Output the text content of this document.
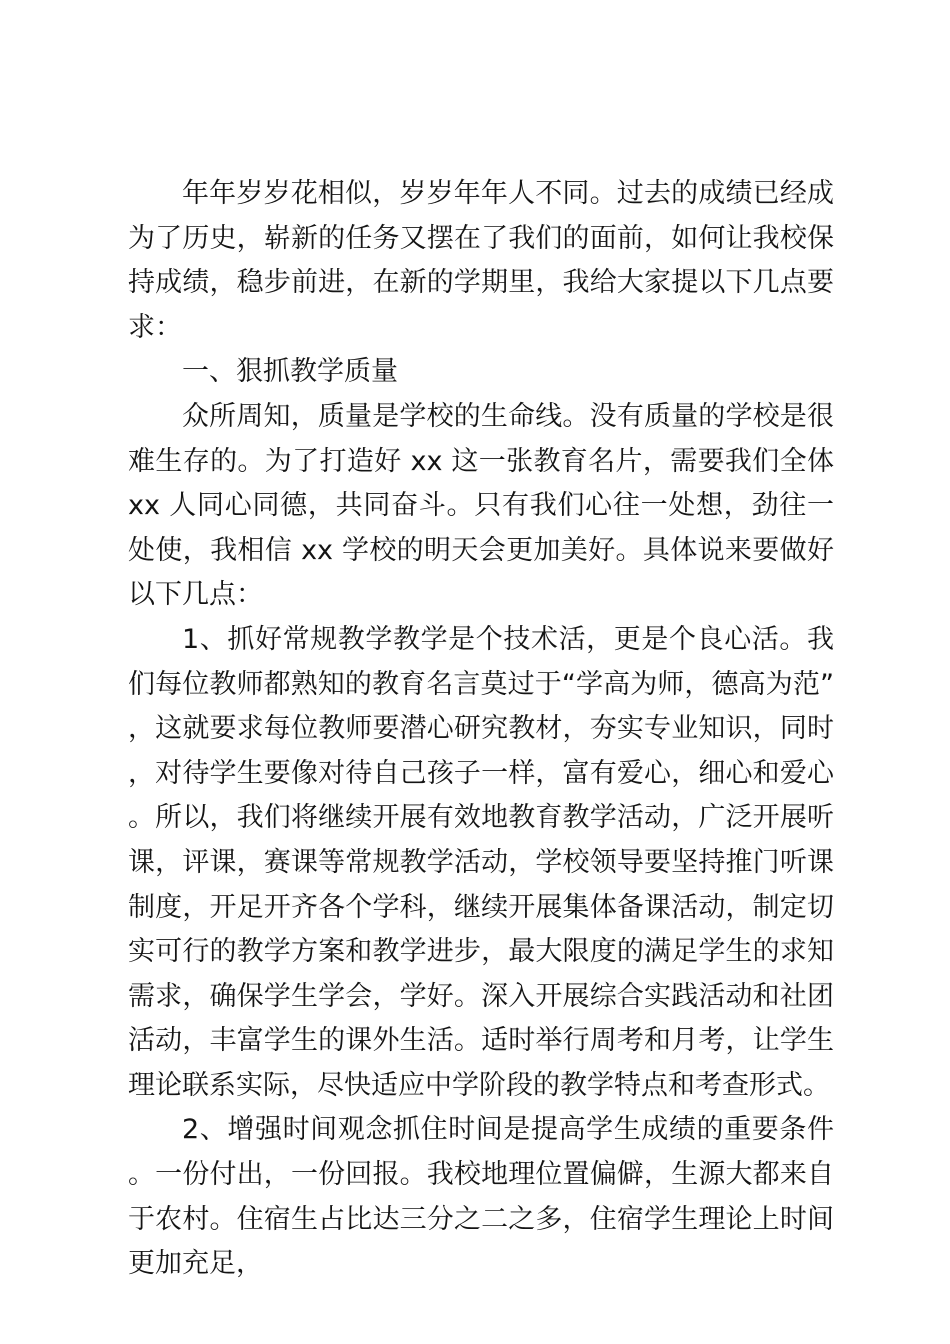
年年岁岁花相似，岁岁年年人不同。过去的成绩已经成为了历史，崭新的任务又摆在了我们的面前，如何让我校保持成绩，稳步前进，在新的学期里，我给大家提以下几点要求：

一、狠抓教学质量

众所周知，质量是学校的生命线。没有质量的学校是很难生存的。为了打造好 xx 这一张教育名片，需要我们全体 xx 人同心同德，共同奋斗。只有我们心往一处想，劲往一处使，我相信 xx 学校的明天会更加美好。具体说来要做好以下几点：

1、抓好常规教学教学是个技术活，更是个良心活。我们每位教师都熟知的教育名言莫过于“学高为师，德高为范”，这就要求每位教师要潜心研究教材，夯实专业知识，同时，对待学生要像对待自己孩子一样，富有爱心，细心和爱心。所以，我们将继续开展有效地教育教学活动，广泛开展听课，评课，赛课等常规教学活动，学校领导要坚持推门听课制度，开足开齐各个学科，继续开展集体备课活动，制定切实可行的教学方案和教学进步，最大限度的满足学生的求知需求，确保学生学会，学好。深入开展综合实践活动和社团活动，丰富学生的课外生活。适时举行周考和月考，让学生理论联系实际，尽快适应中学阶段的教学特点和考查形式。

2、增强时间观念抓住时间是提高学生成绩的重要条件。一份付出，一份回报。我校地理位置偏僻，生源大都来自于农村。住宿生占比达三分之二之多，住宿学生理论上时间更加充足，
